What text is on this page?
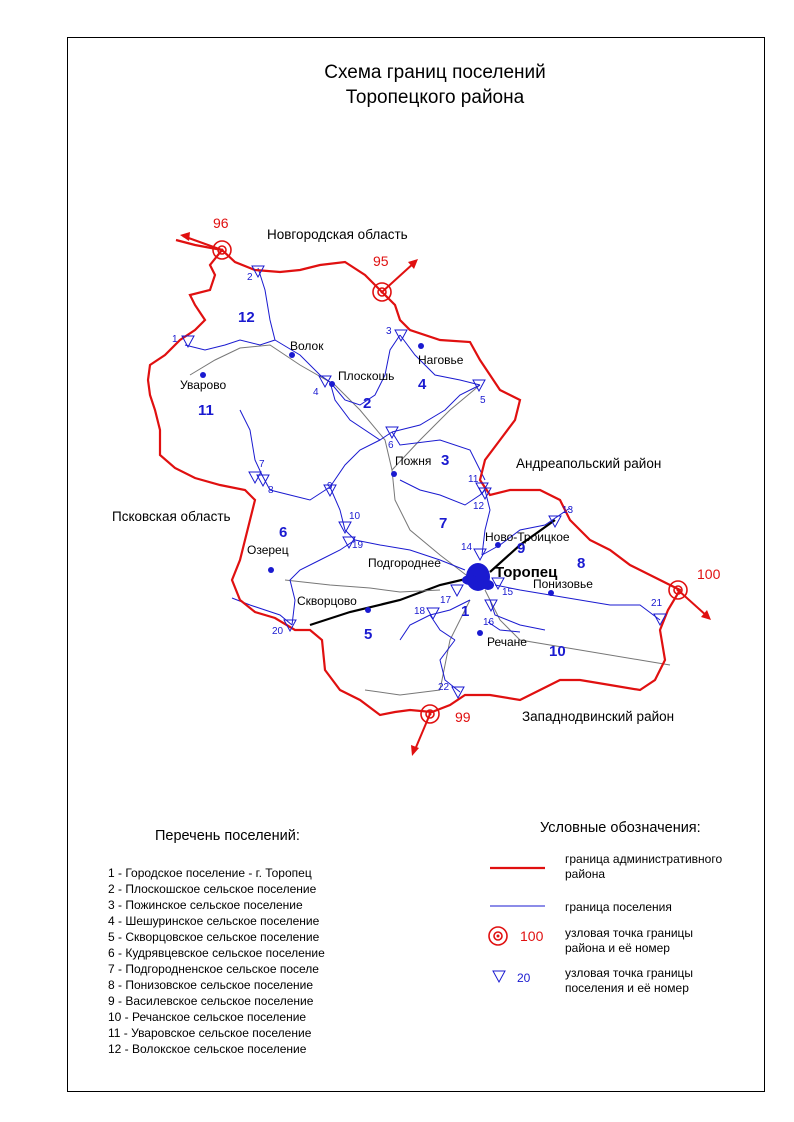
Схема границ поселений
Торопецкого района
96
95
100
99
1
2
3
4
5
6
7
8	9
10
11
12	13
14
15
16
17
18
19
20
21
22
1
2
3
4
5
6
7
8
9
10
11
12
Торопец
Волок
Уварово
Плоскошь
Наговье
Пожня
Ново-Троицкое
Подгороднее
Озерец
Скворцово
Понизовье
Речане
Новгородская область
Андреапольский район
Псковская область
Западнодвинский район
100
20
Перечень поселений:
1 - Городское поселение - г. Торопец
2 - Плоскошское сельское поселение
3 - Пожинское сельское поселение
4 - Шешуринское сельское поселение
5 - Скворцовское сельское поселение
6 - Кудрявцевское сельское поселение
7 - Подгородненское сельское поселе
8 - Понизовское сельское поселение
9 - Василевское сельское поселение
10 - Речанское сельское поселение
11 - Уваровское сельское поселение
12 - Волокское сельское поселение
Условные обозначения:
граница административного района
граница поселения
узловая точка границы района и её номер
узловая точка границы поселения и её номер
